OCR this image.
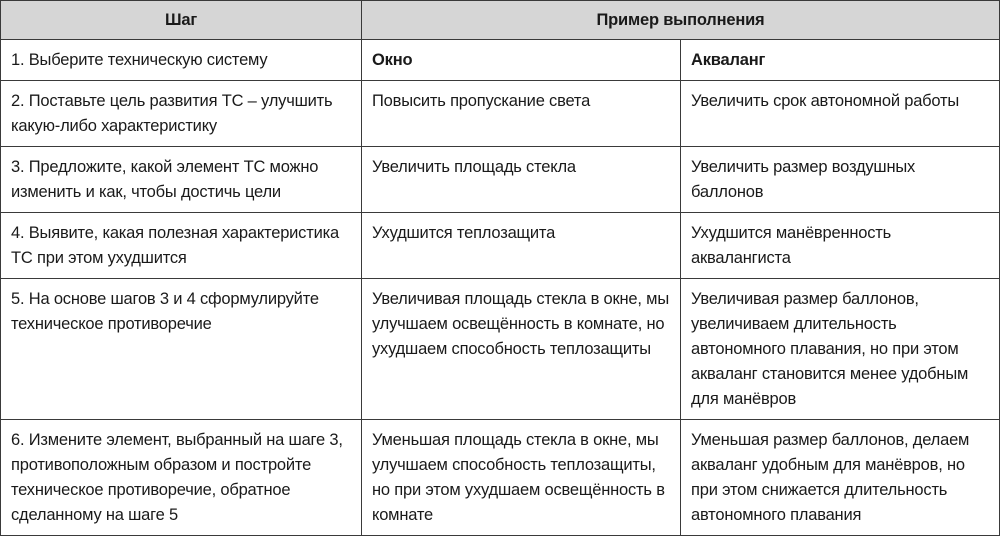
Шаг	Пример выполнения	
1. Выберите техническую систему	Окно	Акваланг
2. Поставьте цель развития ТС – улучшить какую-либо характеристику	Повысить пропускание света	Увеличить срок автономной работы
3. Предложите, какой элемент ТС можно изменить и как, чтобы достичь цели	Увеличить площадь стекла	Увеличить размер воздушных баллонов
4. Выявите, какая полезная характеристика ТС при этом ухудшится	Ухудшится теплозащита	Ухудшится манёвренность аквалангиста
5. На основе шагов 3 и 4 сформулируйте техническое противоречие	Увеличивая площадь стекла в окне, мы улучшаем освещённость в комнате, но ухудшаем способность теплозащиты	Увеличивая размер баллонов, увеличиваем длительность автономного плавания, но при этом акваланг становится менее удобным для манёвров
6. Измените элемент, выбранный на шаге 3, противоположным образом и постройте техническое противоречие, обратное сделанному на шаге 5	Уменьшая площадь стекла в окне, мы улучшаем способность теплозащиты, но при этом ухудшаем освещённость в комнате	Уменьшая размер баллонов, делаем акваланг удобным для манёвров, но при этом снижается длительность автономного плавания
